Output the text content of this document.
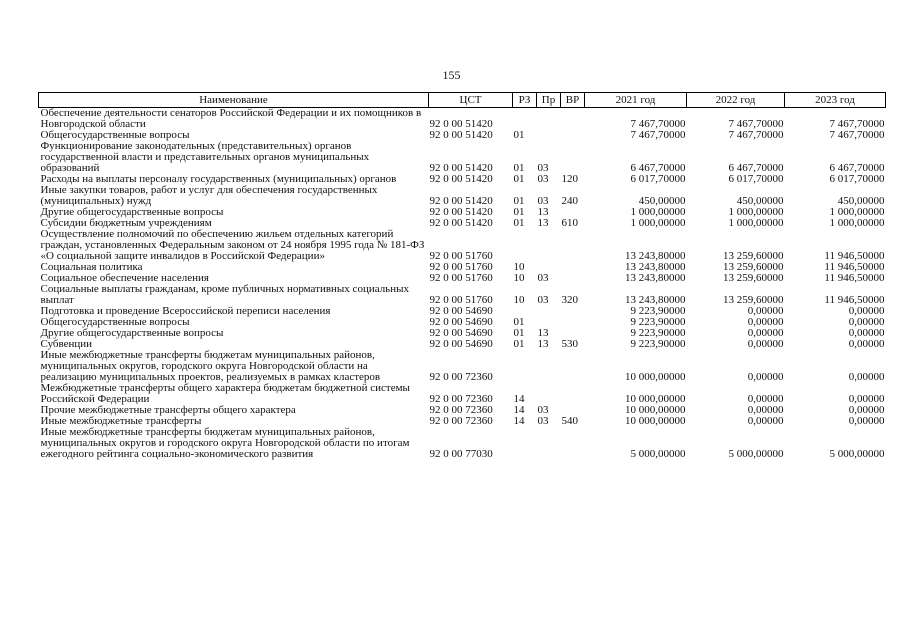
155
Наименование	ЦСТ	РЗ	Пр	ВР	2021 год	2022 год	2023 год
Обеспечение деятельности сенаторов Российской Федерации и их помощников в Новгородской области	92 0 00 51420				7 467,70000	7 467,70000	7 467,70000
Общегосударственные вопросы	92 0 00 51420	01			7 467,70000	7 467,70000	7 467,70000
Функционирование законодательных (представительных) органов государственной власти и представительных органов муниципальных образований	92 0 00 51420	01	03		6 467,70000	6 467,70000	6 467,70000
Расходы на выплаты персоналу государственных (муниципальных) органов	92 0 00 51420	01	03	120	6 017,70000	6 017,70000	6 017,70000
Иные закупки товаров, работ и услуг для обеспечения государственных (муниципальных) нужд	92 0 00 51420	01	03	240	450,00000	450,00000	450,00000
Другие общегосударственные вопросы	92 0 00 51420	01	13		1 000,00000	1 000,00000	1 000,00000
Субсидии бюджетным учреждениям	92 0 00 51420	01	13	610	1 000,00000	1 000,00000	1 000,00000
Осуществление полномочий по обеспечению жильем отдельных категорий граждан, установленных Федеральным законом от 24 ноября 1995 года № 181-ФЗ «О социальной защите инвалидов в Российской Федерации»	92 0 00 51760				13 243,80000	13 259,60000	11 946,50000
Социальная политика	92 0 00 51760	10			13 243,80000	13 259,60000	11 946,50000
Социальное обеспечение населения	92 0 00 51760	10	03		13 243,80000	13 259,60000	11 946,50000
Социальные выплаты гражданам, кроме публичных нормативных социальных выплат	92 0 00 51760	10	03	320	13 243,80000	13 259,60000	11 946,50000
Подготовка и проведение Всероссийской переписи населения	92 0 00 54690				9 223,90000	0,00000	0,00000
Общегосударственные вопросы	92 0 00 54690	01			9 223,90000	0,00000	0,00000
Другие общегосударственные вопросы	92 0 00 54690	01	13		9 223,90000	0,00000	0,00000
Субвенции	92 0 00 54690	01	13	530	9 223,90000	0,00000	0,00000
Иные межбюджетные трансферты бюджетам муниципальных районов, муниципальных округов, городского округа Новгородской области на реализацию муниципальных проектов, реализуемых в рамках кластеров	92 0 00 72360				10 000,00000	0,00000	0,00000
Межбюджетные трансферты общего характера бюджетам бюджетной системы Российской Федерации	92 0 00 72360	14			10 000,00000	0,00000	0,00000
Прочие межбюджетные трансферты общего характера	92 0 00 72360	14	03		10 000,00000	0,00000	0,00000
Иные межбюджетные трансферты	92 0 00 72360	14	03	540	10 000,00000	0,00000	0,00000
Иные межбюджетные трансферты бюджетам муниципальных районов, муниципальных округов и городского округа Новгородской области по итогам ежегодного рейтинга социально-экономического развития	92 0 00 77030				5 000,00000	5 000,00000	5 000,00000
